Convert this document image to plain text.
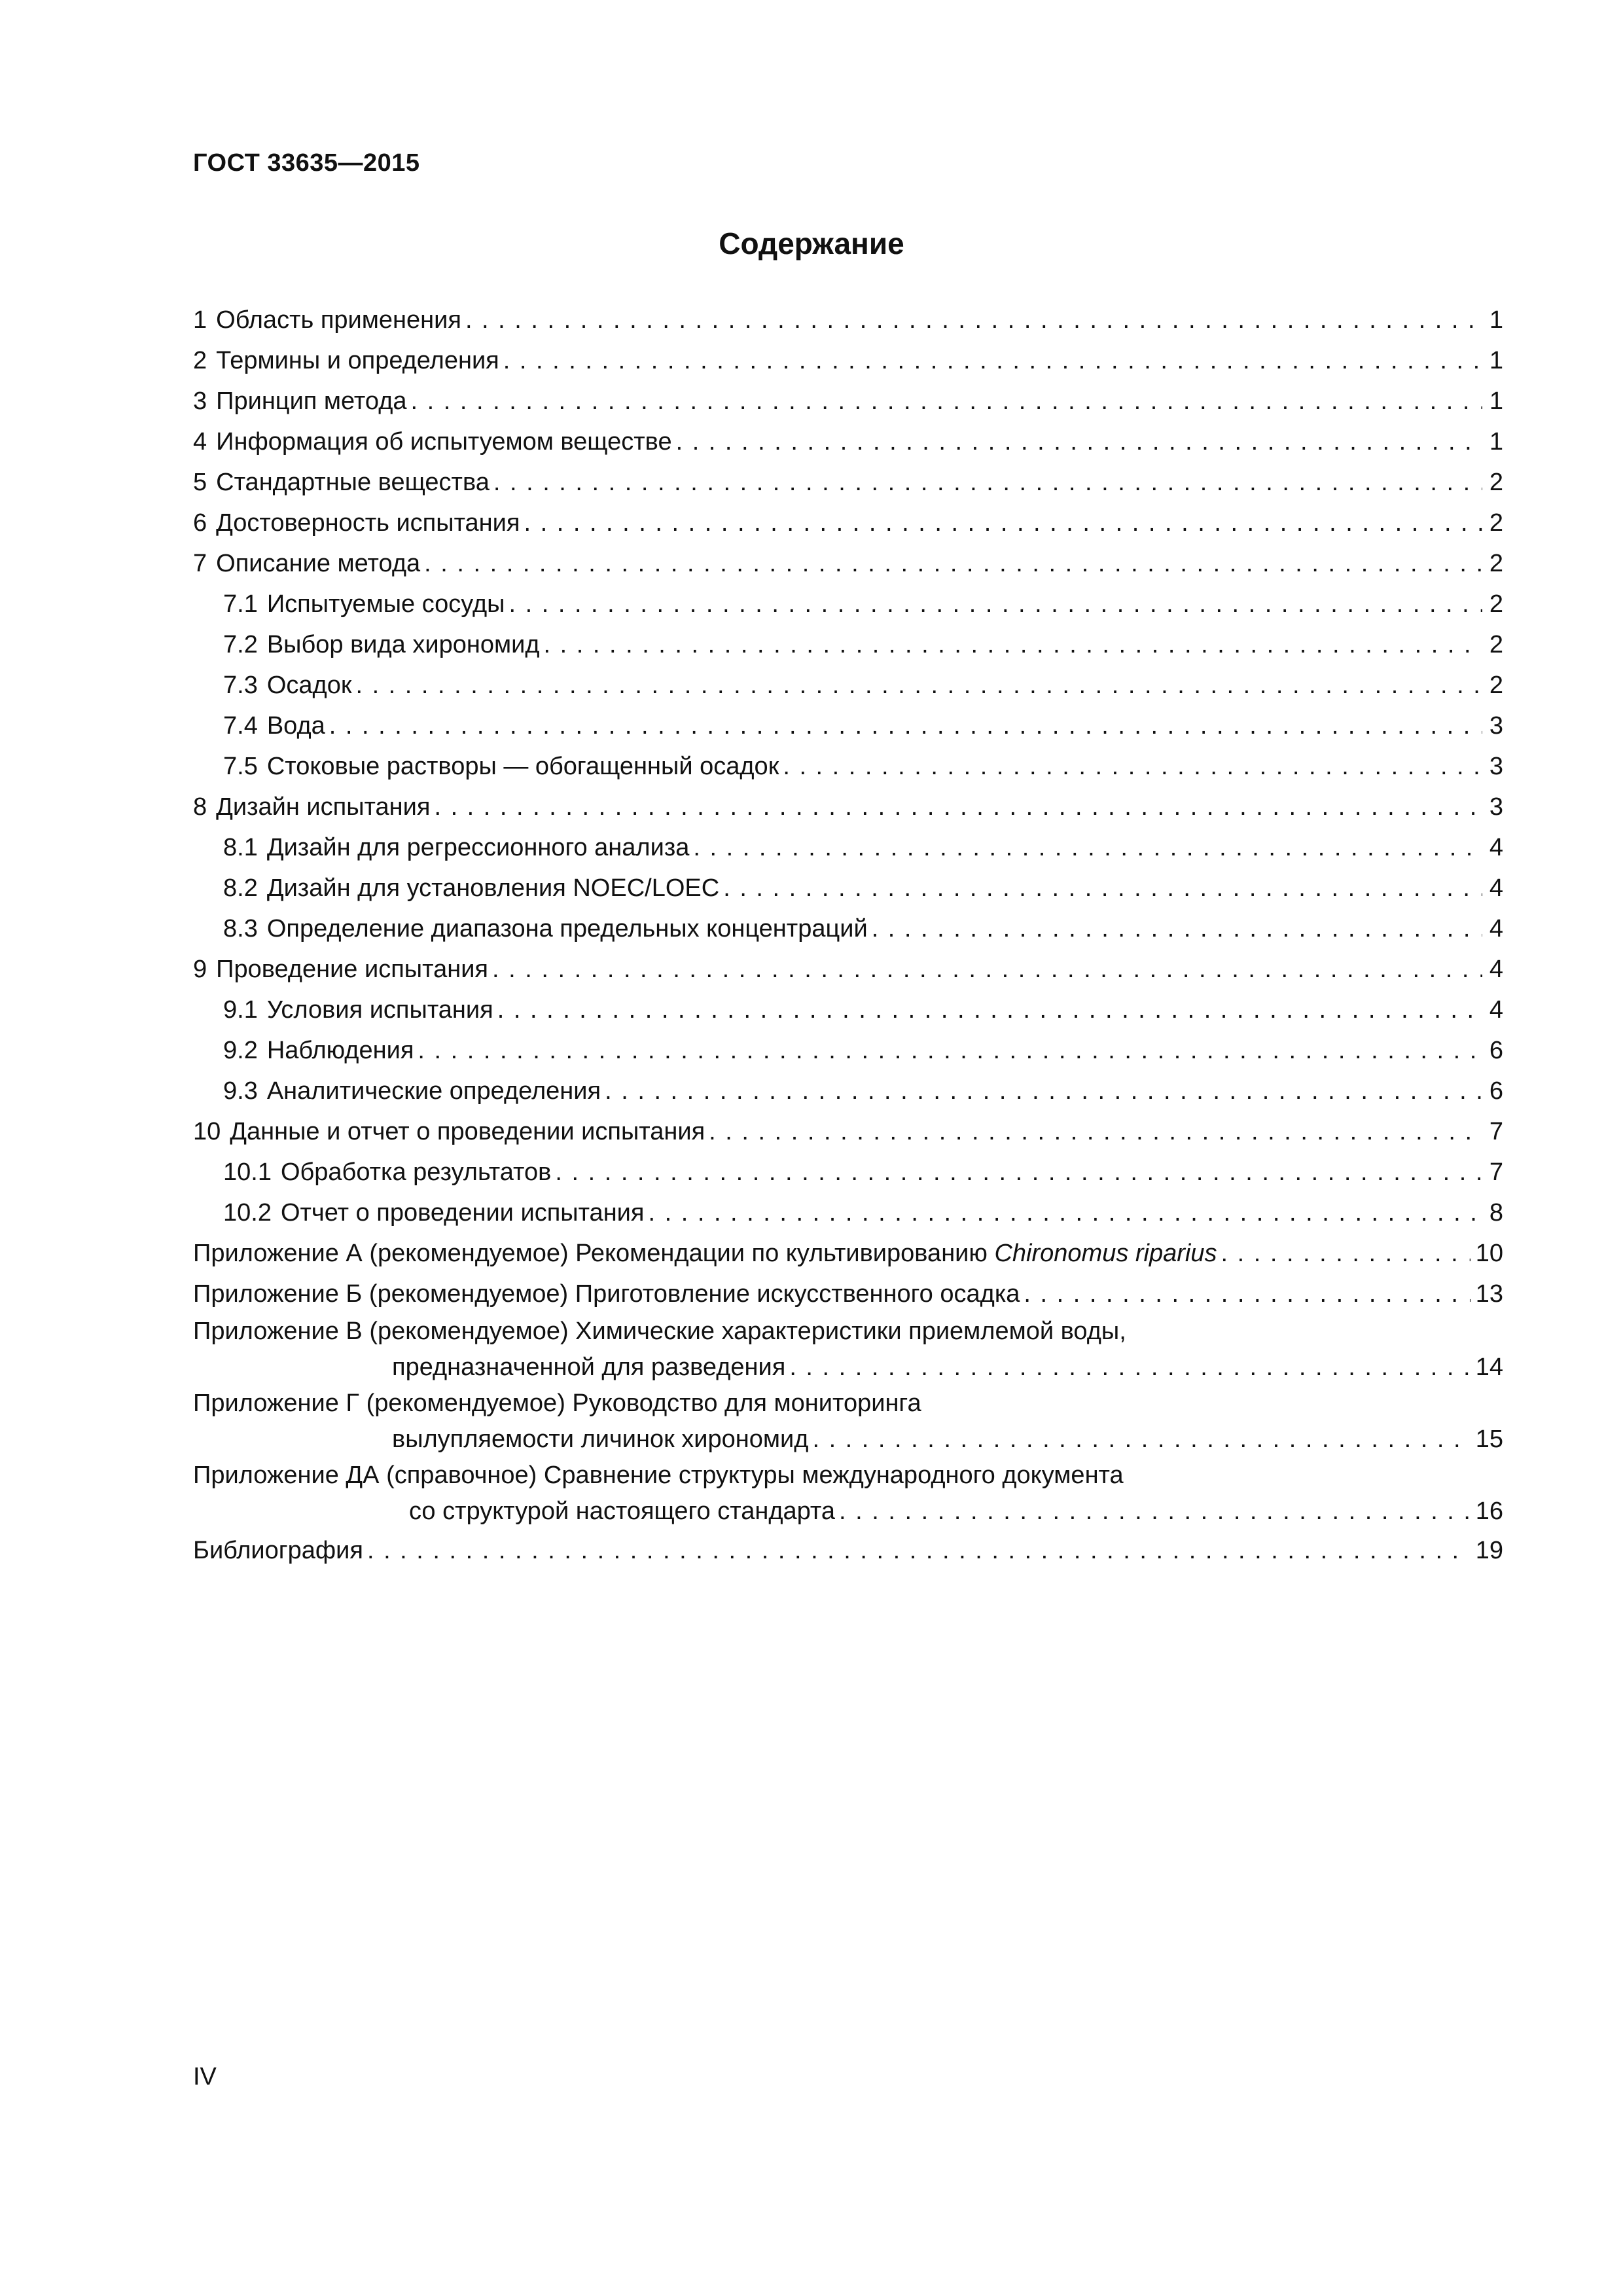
ГОСТ 33635—2015
Содержание
1 Область применения . . .	1
2 Термины и определения . . .	1
3 Принцип метода . . .	1
4 Информация об испытуемом веществе . . .	1
5 Стандартные вещества . . .	2
6 Достоверность испытания . . .	2
7 Описание метода . . .	2
7.1 Испытуемые сосуды . . .	2
7.2 Выбор вида хирономид . . .	2
7.3 Осадок . . .	2
7.4 Вода . . .	3
7.5 Стоковые растворы — обогащенный осадок . . .	3
8 Дизайн испытания . . .	3
8.1 Дизайн для регрессионного анализа . . .	4
8.2 Дизайн для установления NOEC/LOEC . . .	4
8.3 Определение диапазона предельных концентраций . . .	4
9 Проведение испытания . . .	4
9.1 Условия испытания . . .	4
9.2 Наблюдения . . .	6
9.3 Аналитические определения . . .	6
10 Данные и отчет о проведении испытания . . .	7
10.1 Обработка результатов . . .	7
10.2 Отчет о проведении испытания . . .	8
Приложение А (рекомендуемое) Рекомендации по культивированию Chironomus riparius . . .	10
Приложение Б (рекомендуемое) Приготовление искусственного осадка . . .	13
Приложение В (рекомендуемое) Химические характеристики приемлемой воды,
предназначенной для разведения . . .	14
Приложение Г (рекомендуемое) Руководство для мониторинга
вылупляемости личинок хирономид . . .	15
Приложение ДА (справочное) Сравнение структуры международного документа
со структурой настоящего стандарта . . .	16
Библиография . . .	19
IV
